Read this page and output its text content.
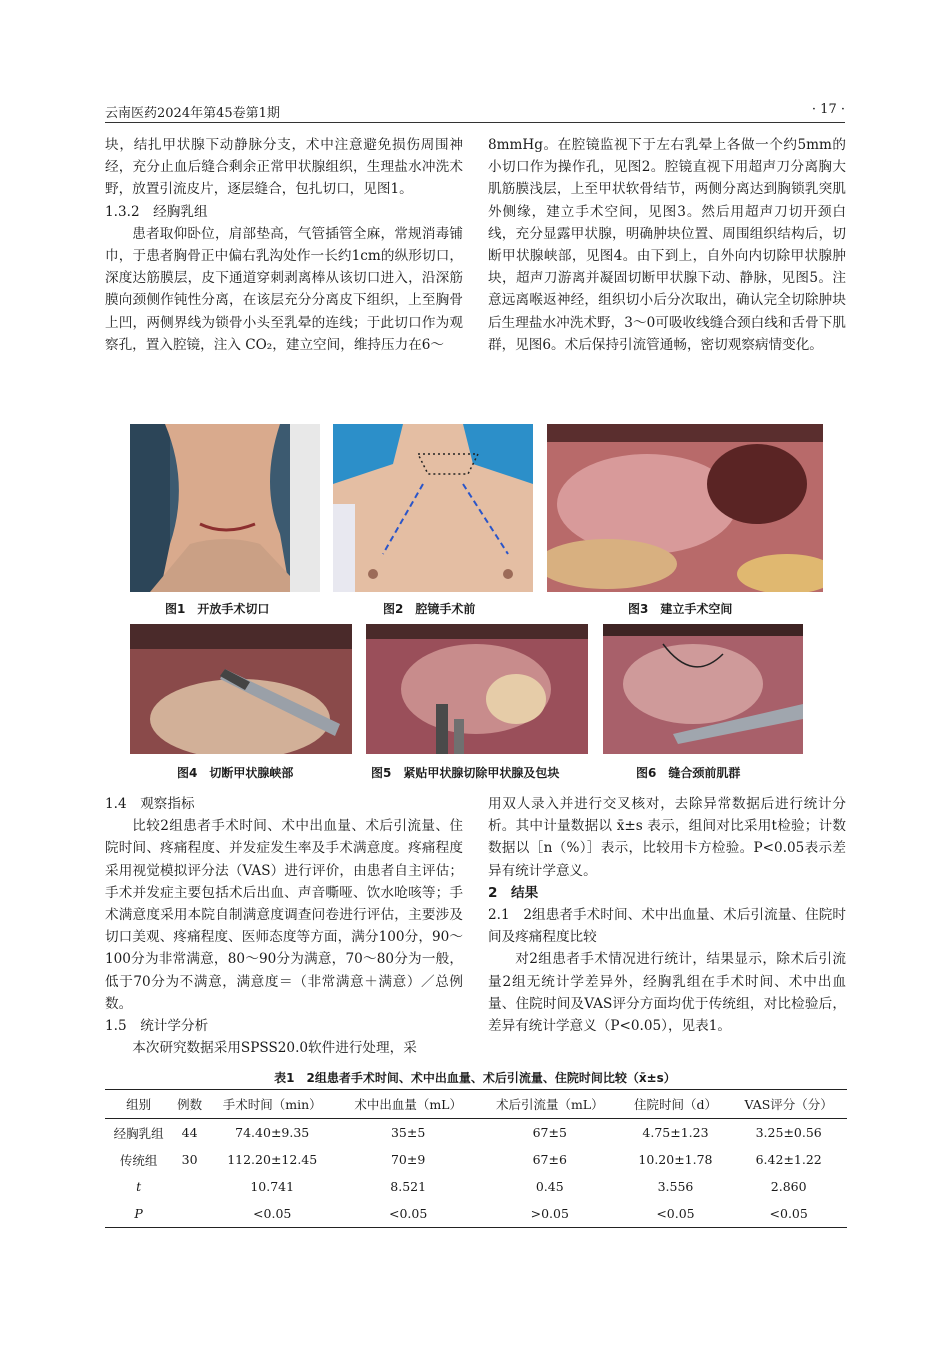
云南医药2024年第45卷第1期	· 17 ·

块，结扎甲状腺下动静脉分支，术中注意避免损伤周围神经，充分止血后缝合剩余正常甲状腺组织，生理盐水冲洗术野，放置引流皮片，逐层缝合，包扎切口，见图1。

1.3.2　经胸乳组

患者取仰卧位，肩部垫高，气管插管全麻，常规消毒铺巾，于患者胸骨正中偏右乳沟处作一长约1cm的纵形切口，深度达筋膜层，皮下通道穿刺剥离棒从该切口进入，沿深筋膜向颈侧作钝性分离，在该层充分分离皮下组织，上至胸骨上凹，两侧界线为锁骨小头至乳晕的连线；于此切口作为观察孔，置入腔镜，注入 CO₂，建立空间，维持压力在6～

8mmHg。在腔镜监视下于左右乳晕上各做一个约5mm的小切口作为操作孔，见图2。腔镜直视下用超声刀分离胸大肌筋膜浅层，上至甲状软骨结节，两侧分离达到胸锁乳突肌外侧缘，建立手术空间，见图3。然后用超声刀切开颈白线，充分显露甲状腺，明确肿块位置、周围组织结构后，切断甲状腺峡部，见图4。由下到上，自外向内切除甲状腺肿块，超声刀游离并凝固切断甲状腺下动、静脉，见图5。注意远离喉返神经，组织切小后分次取出，确认完全切除肿块后生理盐水冲洗术野，3～0可吸收线缝合颈白线和舌骨下肌群，见图6。术后保持引流管通畅，密切观察病情变化。

图1　开放手术切口	图2　腔镜手术前	图3　建立手术空间
图4　切断甲状腺峡部	图5　紧贴甲状腺切除甲状腺及包块	图6　缝合颈前肌群

1.4　观察指标

比较2组患者手术时间、术中出血量、术后引流量、住院时间、疼痛程度、并发症发生率及手术满意度。疼痛程度采用视觉模拟评分法（VAS）进行评价，由患者自主评估；手术并发症主要包括术后出血、声音嘶哑、饮水呛咳等；手术满意度采用本院自制满意度调查问卷进行评估，主要涉及切口美观、疼痛程度、医师态度等方面，满分100分，90～100分为非常满意，80～90分为满意，70～80分为一般，低于70分为不满意，满意度＝（非常满意＋满意）／总例数。

1.5　统计学分析

本次研究数据采用SPSS20.0软件进行处理，采

用双人录入并进行交叉核对，去除异常数据后进行统计分析。其中计量数据以 x̄±s 表示，组间对比采用t检验；计数数据以［n（%）］表示，比较用卡方检验。P<0.05表示差异有统计学意义。

2　结果

2.1　2组患者手术时间、术中出血量、术后引流量、住院时间及疼痛程度比较

对2组患者手术情况进行统计，结果显示，除术后引流量2组无统计学差异外，经胸乳组在手术时间、术中出血量、住院时间及VAS评分方面均优于传统组，对比检验后，差异有统计学意义（P<0.05），见表1。

表1　2组患者手术时间、术中出血量、术后引流量、住院时间比较（x̄±s）
组别	例数	手术时间（min）	术中出血量（mL）	术后引流量（mL）	住院时间（d）	VAS评分（分）
经胸乳组	44	74.40±9.35	35±5	67±5	4.75±1.23	3.25±0.56
传统组	30	112.20±12.45	70±9	67±6	10.20±1.78	6.42±1.22
t		10.741	8.521	0.45	3.556	2.860
P		<0.05	<0.05	>0.05	<0.05	<0.05
